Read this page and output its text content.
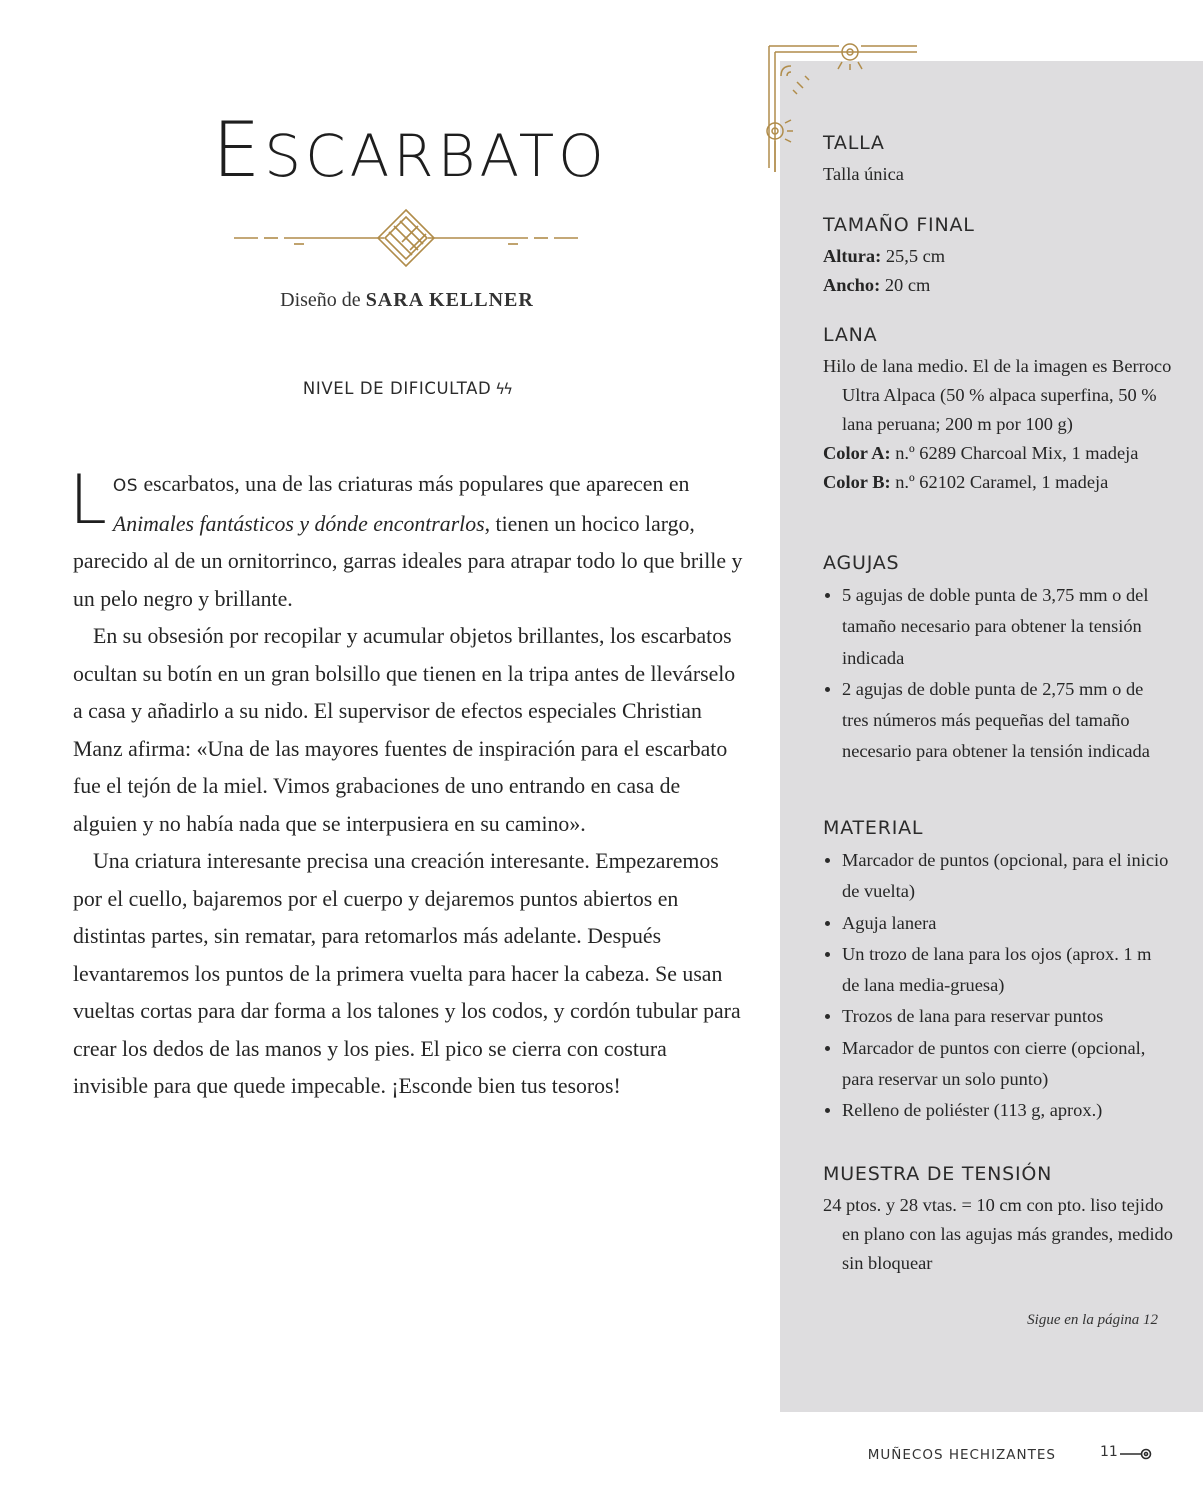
ESCARBATO
Diseño de SARA KELLNER
NIVEL DE DIFICULTAD ϟϟ

LOS escarbatos, una de las criaturas más populares que aparecen en Animales fantásticos y dónde encontrarlos, tienen un hocico largo, parecido al de un ornitorrinco, garras ideales para atrapar todo lo que brille y un pelo negro y brillante.

En su obsesión por recopilar y acumular objetos brillantes, los escarbatos ocultan su botín en un gran bolsillo que tienen en la tripa antes de llevárselo a casa y añadirlo a su nido. El supervisor de efectos especiales Christian Manz afirma: «Una de las mayores fuentes de inspiración para el escarbato fue el tejón de la miel. Vimos grabaciones de uno entrando en casa de alguien y no había nada que se interpusiera en su camino».

Una criatura interesante precisa una creación interesante. Empezaremos por el cuello, bajaremos por el cuerpo y dejaremos puntos abiertos en distintas partes, sin rematar, para retomarlos más adelante. Después levantaremos los puntos de la primera vuelta para hacer la cabeza. Se usan vueltas cortas para dar forma a los talones y los codos, y cordón tubular para crear los dedos de las manos y los pies. El pico se cierra con costura invisible para que quede impecable. ¡Esconde bien tus tesoros!

TALLA
Talla única
TAMAÑO FINAL
Altura: 25,5 cm
Ancho: 20 cm
LANA
Hilo de lana medio. El de la imagen es Berroco Ultra Alpaca (50 % alpaca superfina, 50 % lana peruana; 200 m por 100 g)
Color A: n.º 6289 Charcoal Mix, 1 madeja
Color B: n.º 62102 Caramel, 1 madeja
AGUJAS
5 agujas de doble punta de 3,75 mm o del tamaño necesario para obtener la tensión indicada
2 agujas de doble punta de 2,75 mm o de tres números más pequeñas del tamaño necesario para obtener la tensión indicada
MATERIAL
Marcador de puntos (opcional, para el inicio de vuelta)
Aguja lanera
Un trozo de lana para los ojos (aprox. 1 m de lana media-gruesa)
Trozos de lana para reservar puntos
Marcador de puntos con cierre (opcional, para reservar un solo punto)
Relleno de poliéster (113 g, aprox.)
MUESTRA DE TENSIÓN
24 ptos. y 28 vtas. = 10 cm con pto. liso tejido en plano con las agujas más grandes, medido sin bloquear
Sigue en la página 12
MUÑECOS HECHIZANTES	11
